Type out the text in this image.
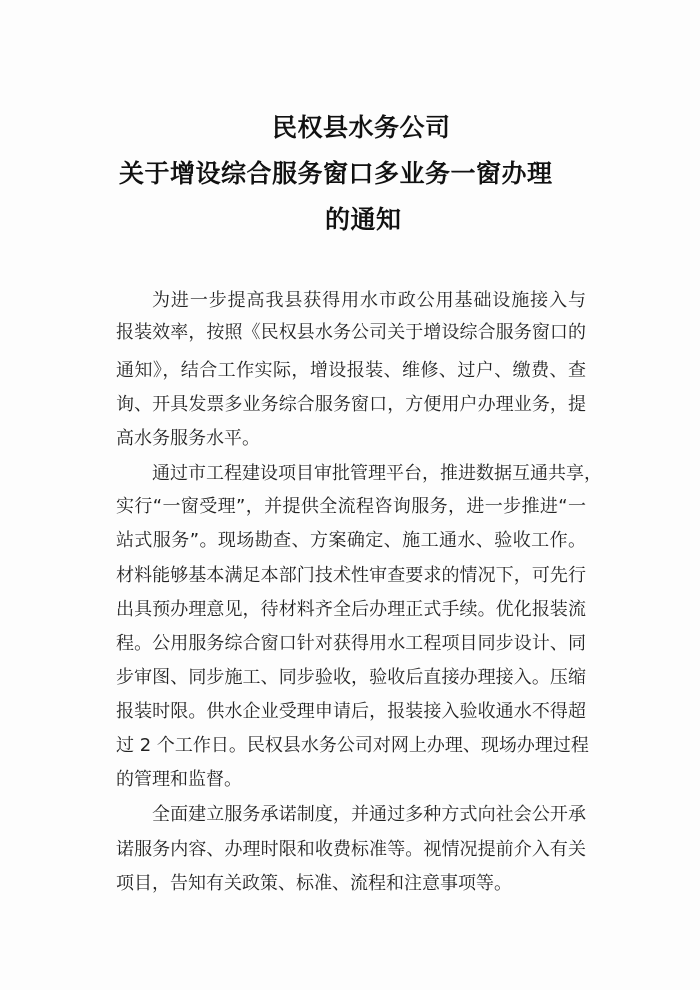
民权县水务公司
关于增设综合服务窗口多业务一窗办理
的通知
为进一步提高我县获得用水市政公用基础设施接入与
报装效率，按照《民权县水务公司关于增设综合服务窗口的
通知》，结合工作实际，增设报装、维修、过户、缴费、查
询、开具发票多业务综合服务窗口，方便用户办理业务，提
高水务服务水平。
通过市工程建设项目审批管理平台，推进数据互通共享，
实行“一窗受理”，并提供全流程咨询服务，进一步推进“一
站式服务”。现场勘查、方案确定、施工通水、验收工作。
材料能够基本满足本部门技术性审查要求的情况下，可先行
出具预办理意见，待材料齐全后办理正式手续。优化报装流
程。公用服务综合窗口针对获得用水工程项目同步设计、同
步审图、同步施工、同步验收，验收后直接办理接入。压缩
报装时限。供水企业受理申请后，报装接入验收通水不得超
过 2 个工作日。民权县水务公司对网上办理、现场办理过程
的管理和监督。
全面建立服务承诺制度，并通过多种方式向社会公开承
诺服务内容、办理时限和收费标准等。视情况提前介入有关
项目，告知有关政策、标准、流程和注意事项等。
